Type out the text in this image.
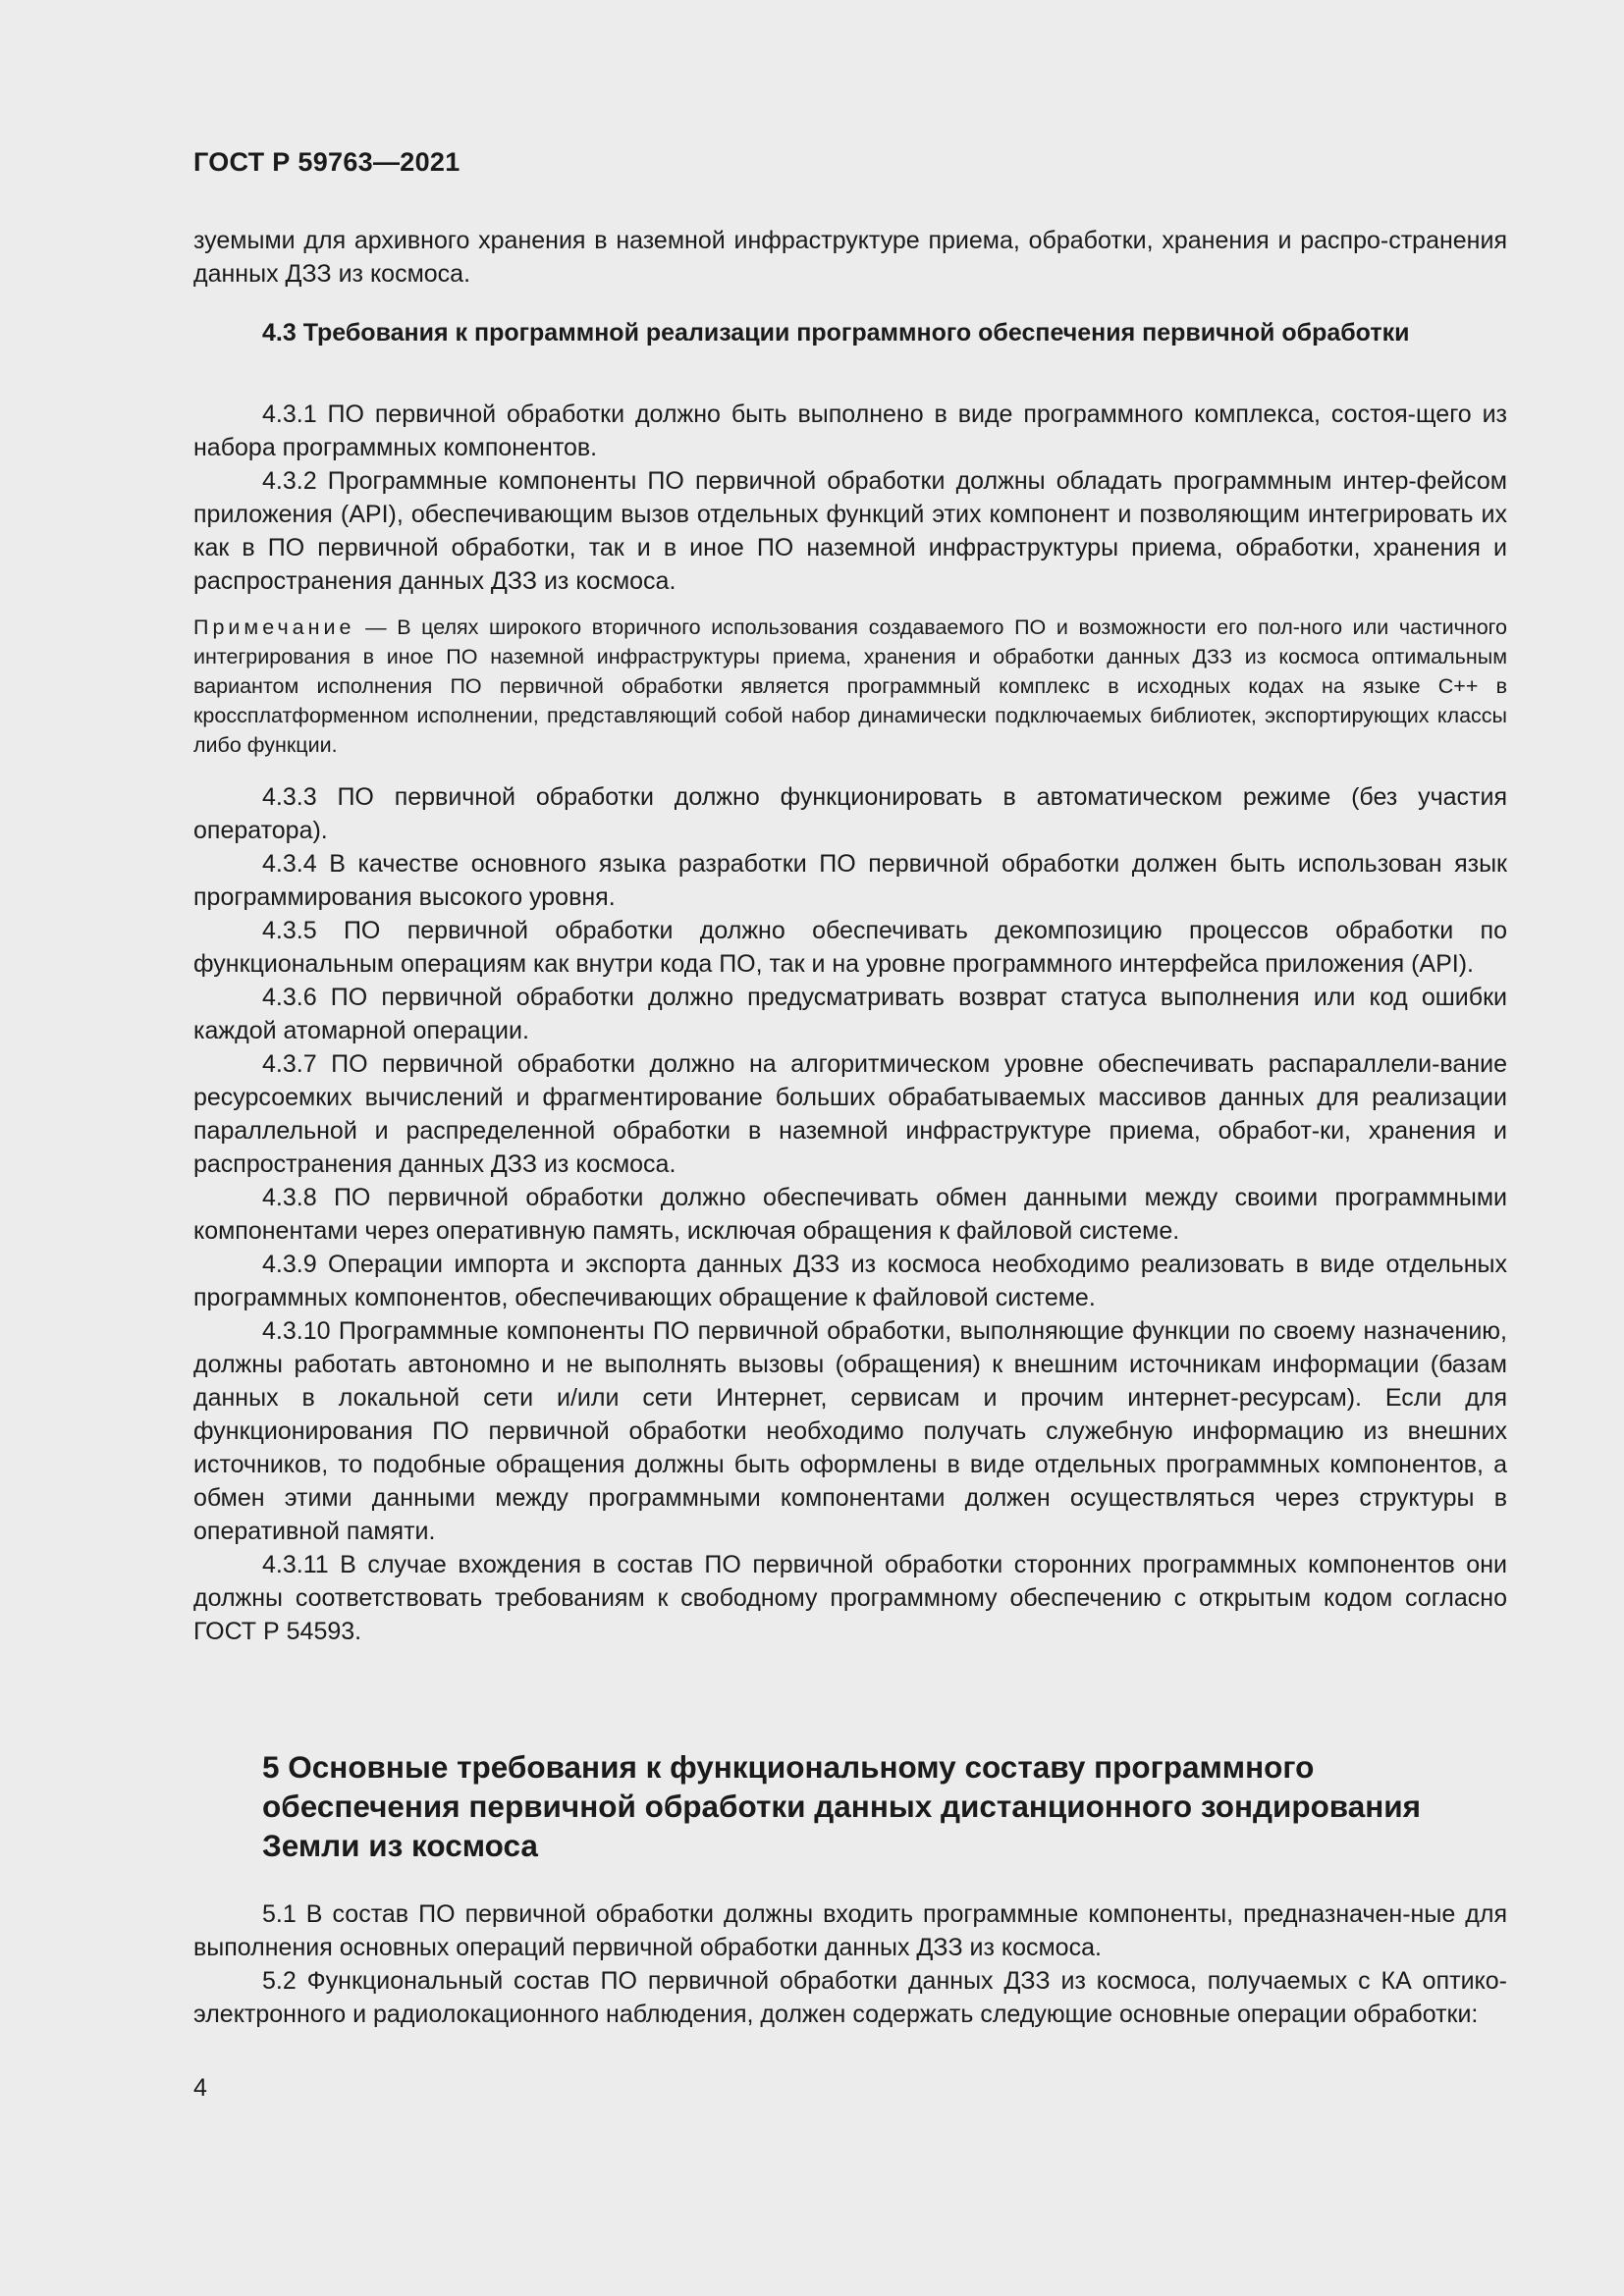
ГОСТ Р 59763—2021

зуемыми для архивного хранения в наземной инфраструктуре приема, обработки, хранения и распро-странения данных ДЗЗ из космоса.

4.3 Требования к программной реализации программного обеспечения первичной обработки

4.3.1 ПО первичной обработки должно быть выполнено в виде программного комплекса, состоя-щего из набора программных компонентов.

4.3.2 Программные компоненты ПО первичной обработки должны обладать программным интер-фейсом приложения (API), обеспечивающим вызов отдельных функций этих компонент и позволяющим интегрировать их как в ПО первичной обработки, так и в иное ПО наземной инфраструктуры приема, обработки, хранения и распространения данных ДЗЗ из космоса.

Примечание — В целях широкого вторичного использования создаваемого ПО и возможности его пол-ного или частичного интегрирования в иное ПО наземной инфраструктуры приема, хранения и обработки данных ДЗЗ из космоса оптимальным вариантом исполнения ПО первичной обработки является программный комплекс в исходных кодах на языке С++ в кроссплатформенном исполнении, представляющий собой набор динамически подключаемых библиотек, экспортирующих классы либо функции.

4.3.3 ПО первичной обработки должно функционировать в автоматическом режиме (без участия оператора).

4.3.4 В качестве основного языка разработки ПО первичной обработки должен быть использован язык программирования высокого уровня.

4.3.5 ПО первичной обработки должно обеспечивать декомпозицию процессов обработки по функциональным операциям как внутри кода ПО, так и на уровне программного интерфейса приложения (API).

4.3.6 ПО первичной обработки должно предусматривать возврат статуса выполнения или код ошибки каждой атомарной операции.

4.3.7 ПО первичной обработки должно на алгоритмическом уровне обеспечивать распараллели-вание ресурсоемких вычислений и фрагментирование больших обрабатываемых массивов данных для реализации параллельной и распределенной обработки в наземной инфраструктуре приема, обработ-ки, хранения и распространения данных ДЗЗ из космоса.

4.3.8 ПО первичной обработки должно обеспечивать обмен данными между своими программными компонентами через оперативную память, исключая обращения к файловой системе.

4.3.9 Операции импорта и экспорта данных ДЗЗ из космоса необходимо реализовать в виде отдельных программных компонентов, обеспечивающих обращение к файловой системе.

4.3.10 Программные компоненты ПО первичной обработки, выполняющие функции по своему назначению, должны работать автономно и не выполнять вызовы (обращения) к внешним источникам информации (базам данных в локальной сети и/или сети Интернет, сервисам и прочим интернет-ресурсам). Если для функционирования ПО первичной обработки необходимо получать служебную информацию из внешних источников, то подобные обращения должны быть оформлены в виде отдельных программных компонентов, а обмен этими данными между программными компонентами должен осуществляться через структуры в оперативной памяти.

4.3.11 В случае вхождения в состав ПО первичной обработки сторонних программных компонентов они должны соответствовать требованиям к свободному программному обеспечению с открытым кодом согласно ГОСТ Р 54593.

5 Основные требования к функциональному составу программного обеспечения первичной обработки данных дистанционного зондирования Земли из космоса

5.1 В состав ПО первичной обработки должны входить программные компоненты, предназначен-ные для выполнения основных операций первичной обработки данных ДЗЗ из космоса.

5.2 Функциональный состав ПО первичной обработки данных ДЗЗ из космоса, получаемых с КА оптико-электронного и радиолокационного наблюдения, должен содержать следующие основные операции обработки:

4
